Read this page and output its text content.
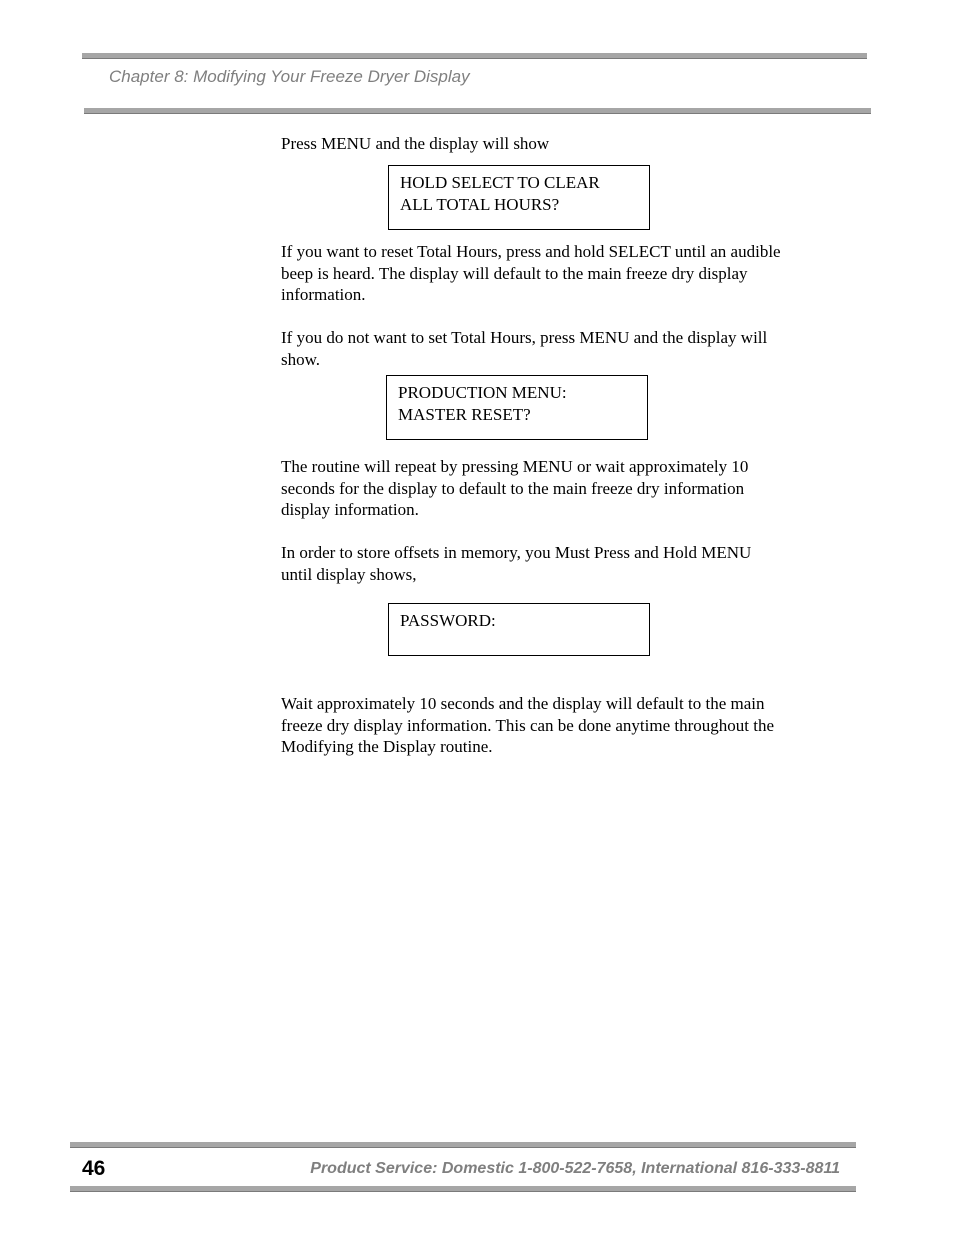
Chapter 8: Modifying Your Freeze Dryer Display

Press MENU and the display will show

HOLD SELECT TO CLEAR
ALL TOTAL HOURS?

If you want to reset Total Hours, press and hold SELECT until an audible beep is heard. The display will default to the main freeze dry display information.

If you do not want to set Total Hours, press MENU and the display will show.

PRODUCTION MENU:
MASTER RESET?

The routine will repeat by pressing MENU or wait approximately 10 seconds for the display to default to the main freeze dry information display information.

In order to store offsets in memory, you Must Press and Hold MENU until display shows,

PASSWORD:

Wait approximately 10 seconds and the display will default to the main freeze dry display information. This can be done anytime throughout the Modifying the Display routine.

46	Product Service: Domestic 1-800-522-7658, International 816-333-8811
